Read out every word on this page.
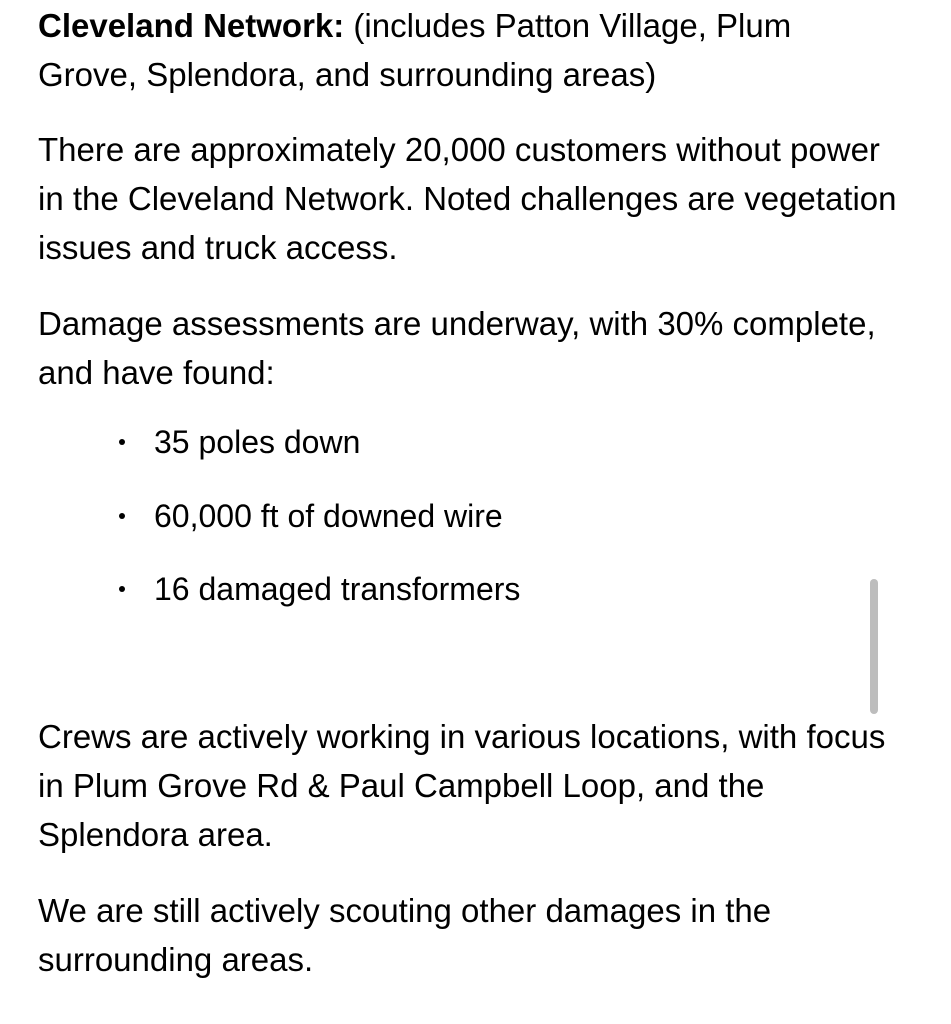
Cleveland Network: (includes Patton Village, Plum Grove, Splendora, and surrounding areas)

There are approximately 20,000 customers without power in the Cleveland Network. Noted challenges are vegetation issues and truck access.

Damage assessments are underway, with 30% complete, and have found:

35 poles down
60,000 ft of downed wire
16 damaged transformers

Crews are actively working in various locations, with focus in Plum Grove Rd & Paul Campbell Loop, and the Splendora area.

We are still actively scouting other damages in the surrounding areas.
